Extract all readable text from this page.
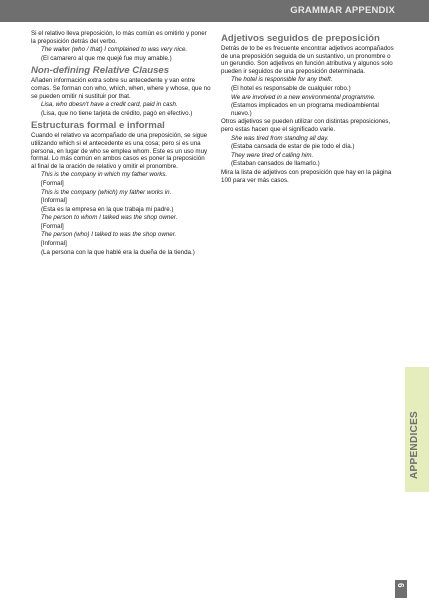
GRAMMAR APPENDIX

Si el relativo lleva preposición, lo más común es omitirlo y poner la preposición detrás del verbo.

The waiter (who / that) I complained to was very nice.

(El camarero al que me quejé fue muy amable.)

Non-defining Relative Clauses

Añaden información extra sobre su antecedente y van entre comas. Se forman con who, which, when, where y whose, que no se pueden omitir ni sustituir por that.

Lisa, who doesn't have a credit card, paid in cash.

(Lisa, que no tiene tarjeta de crédito, pagó en efectivo.)

Estructuras formal e informal

Cuando el relativo va acompañado de una preposición, se sigue utilizando which si el antecedente es una cosa; pero si es una persona, en lugar de who se emplea whom. Este es un uso muy formal. Lo más común en ambos casos es poner la preposición al final de la oración de relativo y omitir el pronombre.

This is the company in which my father works.

[Formal]

This is the company (which) my father works in.

[Informal]

(Esta es la empresa en la que trabaja mi padre.)

The person to whom I talked was the shop owner.

[Formal]

The person (who) I talked to was the shop owner.

[Informal]

(La persona con la que hablé era la dueña de la tienda.)

Adjetivos seguidos de preposición

Detrás de to be es frecuente encontrar adjetivos acompañados de una preposición seguida de un sustantivo, un pronombre o un gerundio. Son adjetivos en función atributiva y algunos solo pueden ir seguidos de una preposición determinada.

The hotel is responsible for any theft.

(El hotel es responsable de cualquier robo.)

We are involved in a new environmental programme.

(Estamos implicados en un programa medioambiental nuevo.)

Otros adjetivos se pueden utilizar con distintas preposiciones, pero estas hacen que el significado varíe.

She was tired from standing all day.

(Estaba cansada de estar de pie todo el día.)

They were tired of calling him.

(Estaban cansados de llamarlo.)

Mira la lista de adjetivos con preposición que hay en la página 100 para ver más casos.

APPENDICES
9
